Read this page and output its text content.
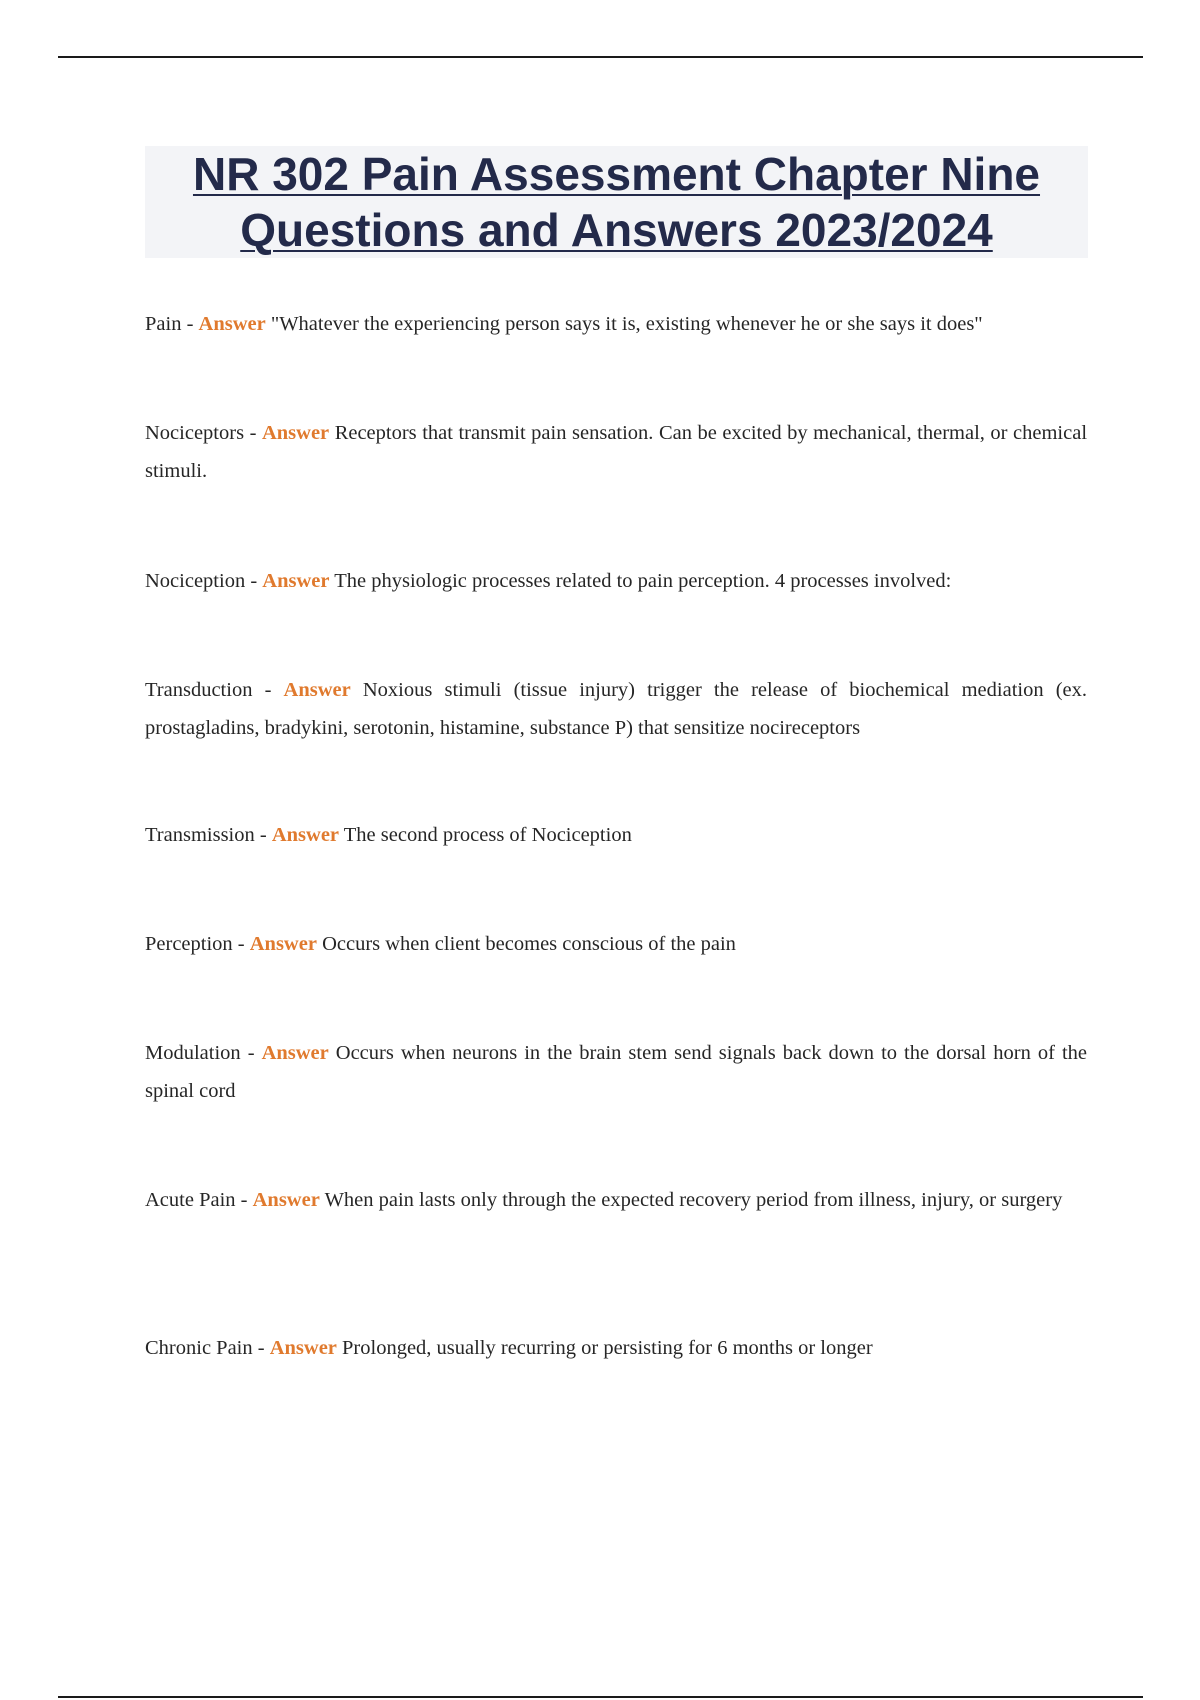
NR 302 Pain Assessment Chapter Nine
Questions and Answers 2023/2024

Pain - Answer "Whatever the experiencing person says it is, existing whenever he or she says it does"

Nociceptors - Answer Receptors that transmit pain sensation. Can be excited by mechanical, thermal, or chemical stimuli.

Nociception - Answer The physiologic processes related to pain perception. 4 processes involved:

Transduction - Answer Noxious stimuli (tissue injury) trigger the release of biochemical mediation (ex. prostagladins, bradykini, serotonin, histamine, substance P) that sensitize nocireceptors

Transmission - Answer The second process of Nociception

Perception - Answer Occurs when client becomes conscious of the pain

Modulation - Answer Occurs when neurons in the brain stem send signals back down to the dorsal horn of the spinal cord

Acute Pain - Answer When pain lasts only through the expected recovery period from illness, injury, or surgery

Chronic Pain - Answer Prolonged, usually recurring or persisting for 6 months or longer
